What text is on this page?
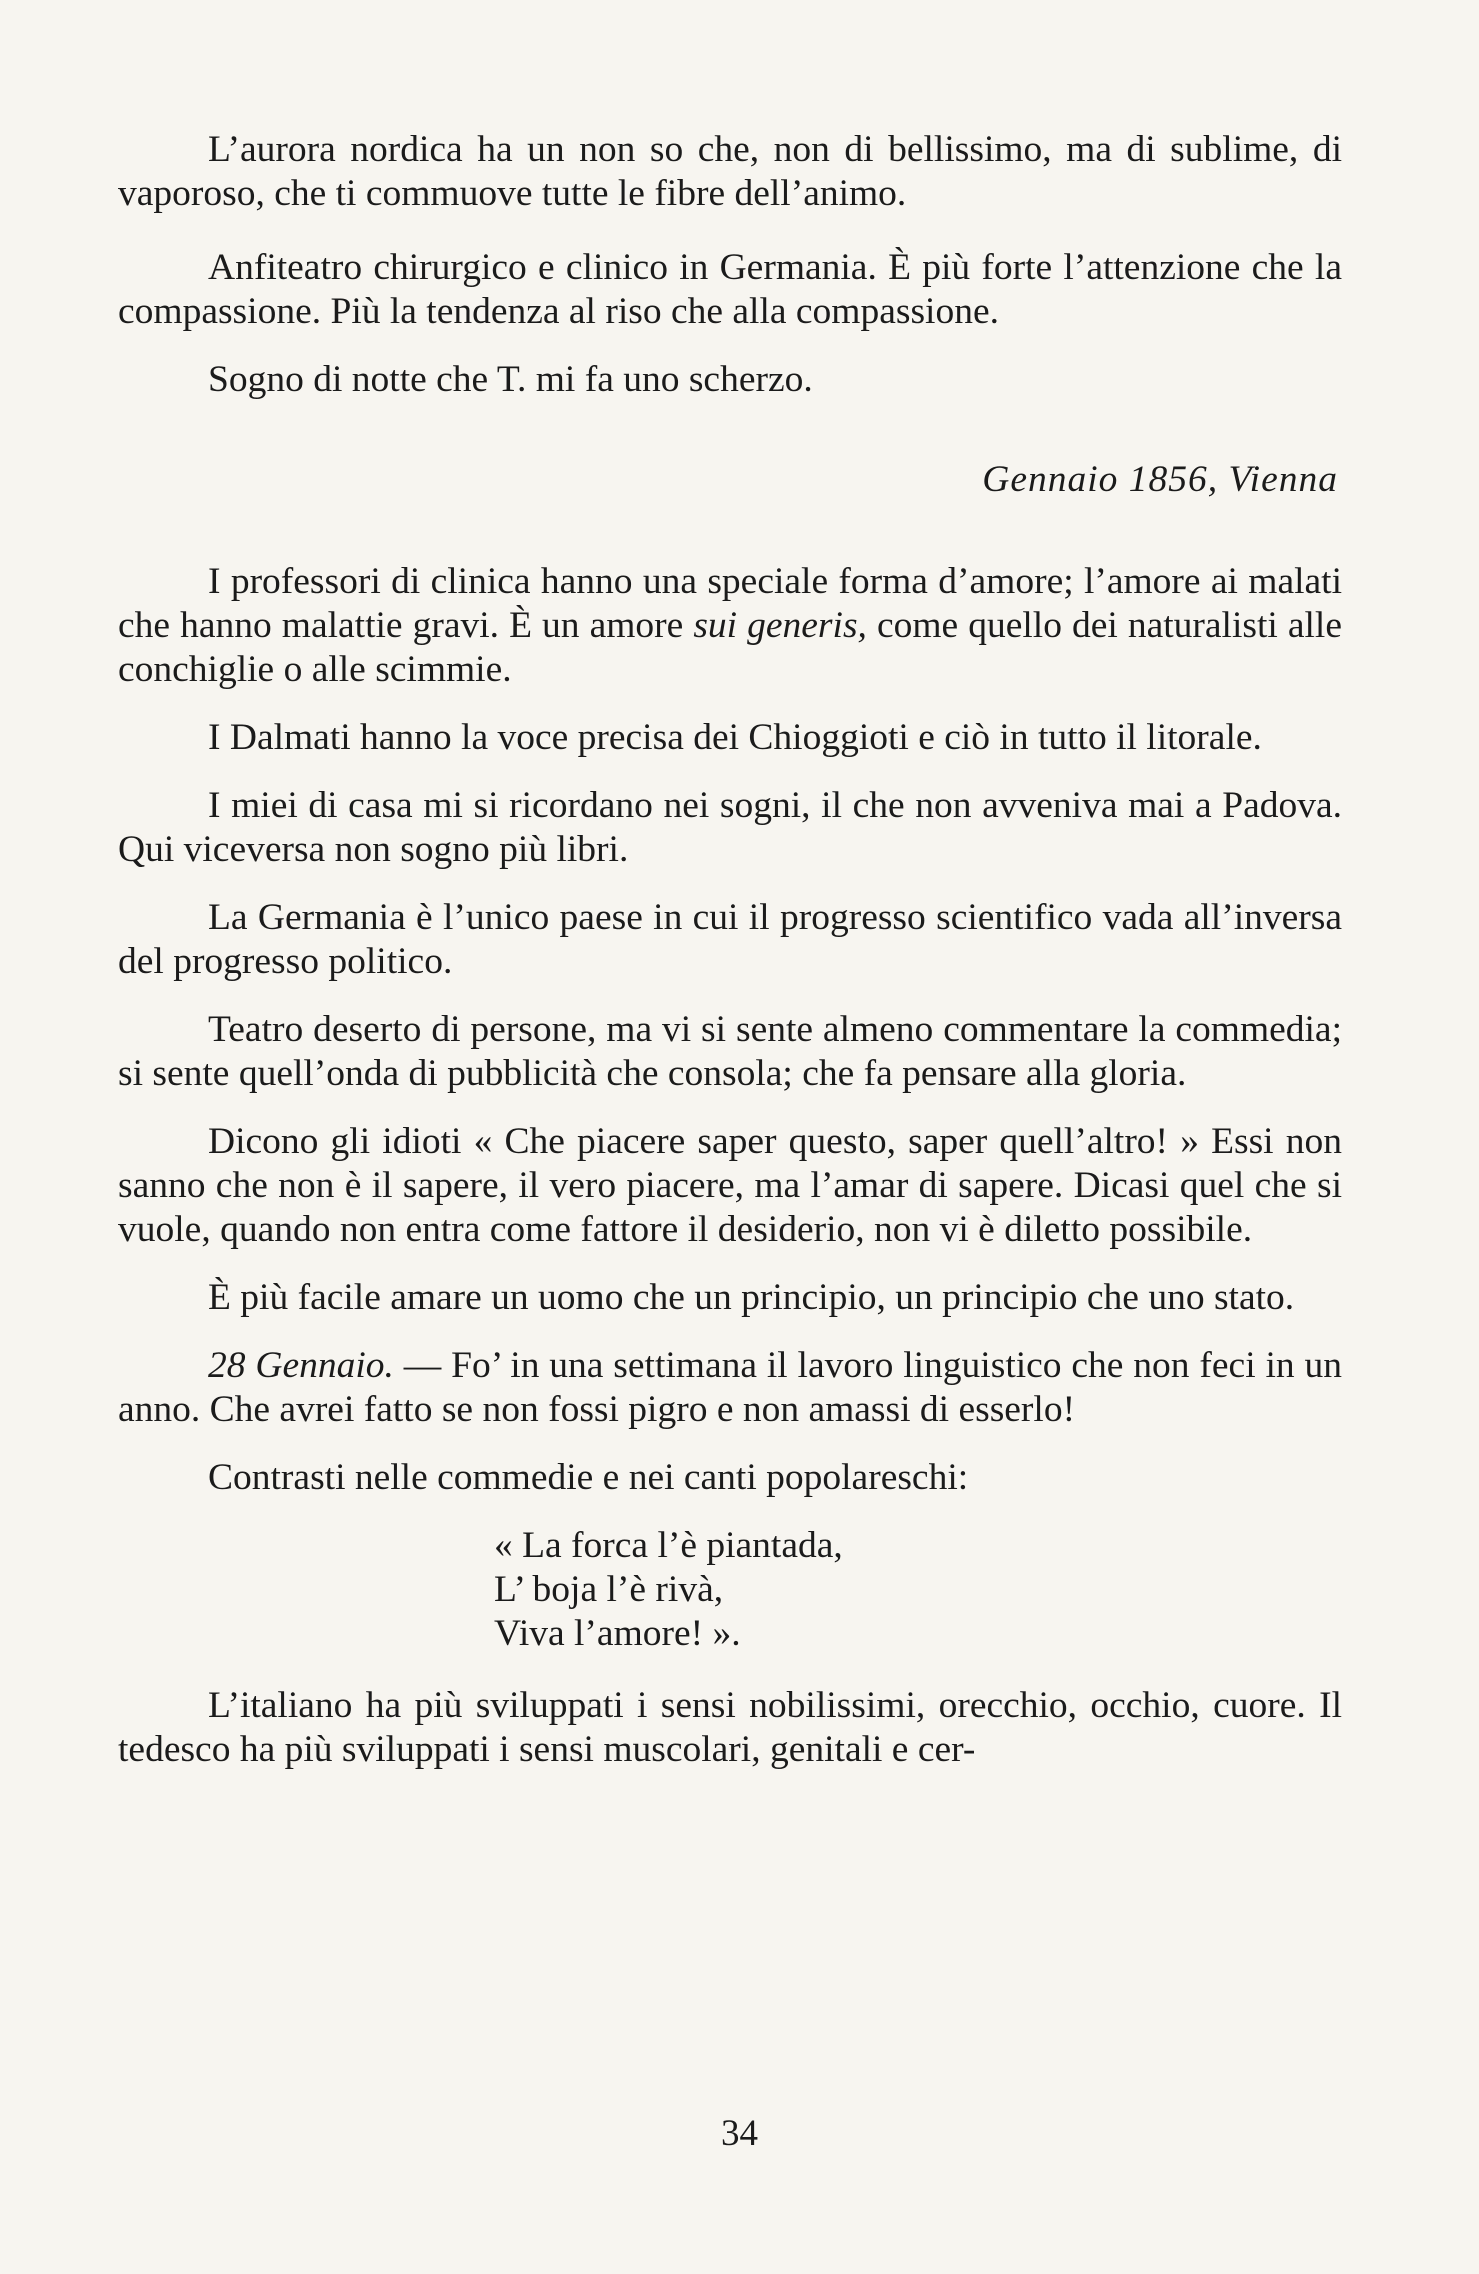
L’aurora nordica ha un non so che, non di bellissimo, ma di sublime, di vaporoso, che ti commuove tutte le fibre dell’animo.

Anfiteatro chirurgico e clinico in Germania. È più forte l’attenzione che la compassione. Più la tendenza al riso che alla compassione.

Sogno di notte che T. mi fa uno scherzo.

Gennaio 1856, Vienna

I professori di clinica hanno una speciale forma d’amore; l’amore ai malati che hanno malattie gravi. È un amore sui generis, come quello dei naturalisti alle conchiglie o alle scimmie.

I Dalmati hanno la voce precisa dei Chioggioti e ciò in tutto il litorale.

I miei di casa mi si ricordano nei sogni, il che non avveniva mai a Padova. Qui viceversa non sogno più libri.

La Germania è l’unico paese in cui il progresso scientifico vada all’inversa del progresso politico.

Teatro deserto di persone, ma vi si sente almeno commentare la commedia; si sente quell’onda di pubblicità che consola; che fa pensare alla gloria.

Dicono gli idioti « Che piacere saper questo, saper quell’altro! » Essi non sanno che non è il sapere, il vero piacere, ma l’amar di sapere. Dicasi quel che si vuole, quando non entra come fattore il desiderio, non vi è diletto possibile.

È più facile amare un uomo che un principio, un principio che uno stato.

28 Gennaio. — Fo’ in una settimana il lavoro linguistico che non feci in un anno. Che avrei fatto se non fossi pigro e non amassi di esserlo!

Contrasti nelle commedie e nei canti popolareschi:

« La forca l’è piantada,
L’ boja l’è rivà,
Viva l’amore! ».

L’italiano ha più sviluppati i sensi nobilissimi, orecchio, occhio, cuore. Il tedesco ha più sviluppati i sensi muscolari, genitali e cer-

34
